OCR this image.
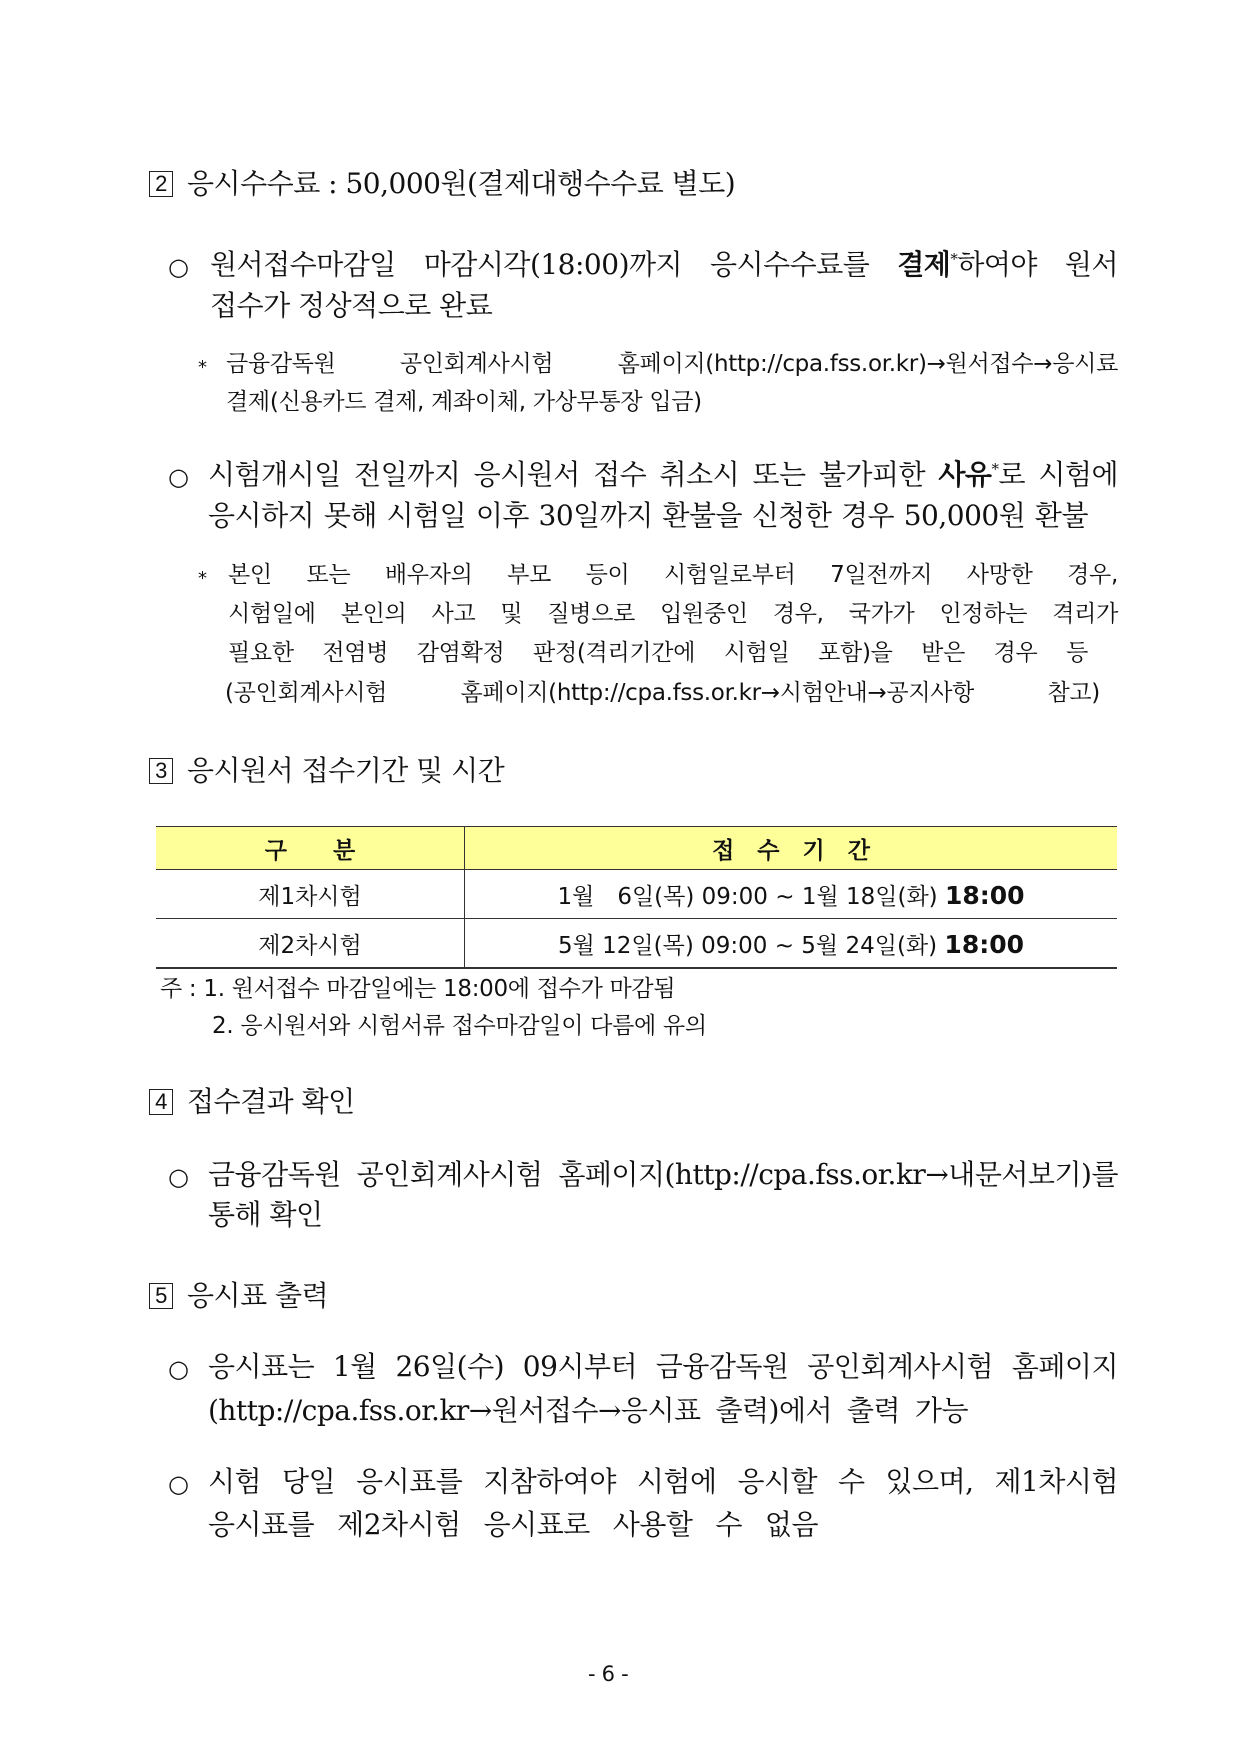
2 응시수수료 : 50,000원(결제대행수수료 별도)
○ 원서접수마감일 마감시각(18:00)까지 응시수수료를 결제*하여야 원서
접수가 정상적으로 완료
* 금융감독원 공인회계사시험 홈페이지(http://cpa.fss.or.kr)→원서접수→응시료
결제(신용카드 결제, 계좌이체, 가상무통장 입금)
○ 시험개시일 전일까지 응시원서 접수 취소시 또는 불가피한 사유*로 시험에
응시하지 못해 시험일 이후 30일까지 환불을 신청한 경우 50,000원 환불
* 본인 또는 배우자의 부모 등이 시험일로부터 7일전까지 사망한 경우,
시험일에 본인의 사고 및 질병으로 입원중인 경우, 국가가 인정하는 격리가
필요한 전염병 감염확정 판정(격리기간에 시험일 포함)을 받은 경우 등
(공인회계사시험 홈페이지(http://cpa.fss.or.kr→시험안내→공지사항 참고)
3 응시원서 접수기간 및 시간
구　　분	접　수　기　간
제1차시험	1월　6일(목) 09:00 ~ 1월 18일(화) 18:00
제2차시험	5월 12일(목) 09:00 ~ 5월 24일(화) 18:00
주 : 1. 원서접수 마감일에는 18:00에 접수가 마감됨
2. 응시원서와 시험서류 접수마감일이 다름에 유의
4 접수결과 확인
○ 금융감독원 공인회계사시험 홈페이지(http://cpa.fss.or.kr→내문서보기)를
통해 확인
5 응시표 출력
○ 응시표는 1월 26일(수) 09시부터 금융감독원 공인회계사시험 홈페이지
(http://cpa.fss.or.kr→원서접수→응시표 출력)에서 출력 가능
○ 시험 당일 응시표를 지참하여야 시험에 응시할 수 있으며, 제1차시험
응시표를 제2차시험 응시표로 사용할 수 없음
- 6 -
